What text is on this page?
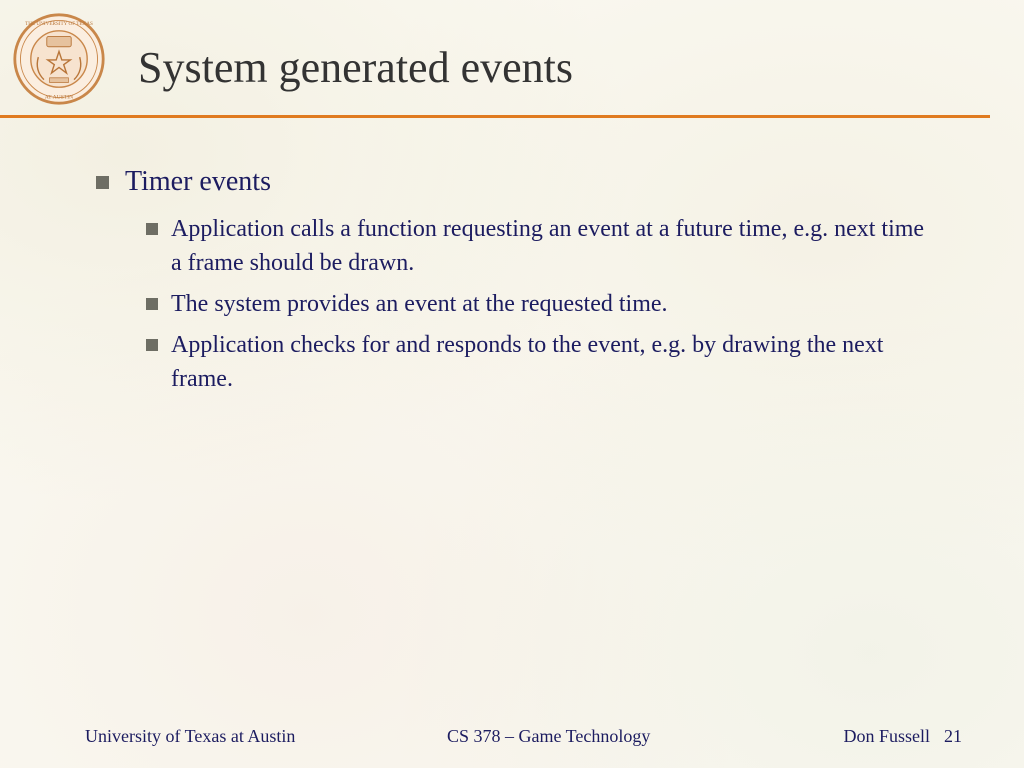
THE UNIVERSITY OF TEXAS
AT AUSTIN
System generated events
Timer events
Application calls a function requesting an event at a future time, e.g. next time a frame should be drawn.
The system provides an event at the requested time.
Application checks for and responds to the event, e.g. by drawing the next frame.
University of Texas at Austin	CS 378 – Game Technology	Don Fussell 21
